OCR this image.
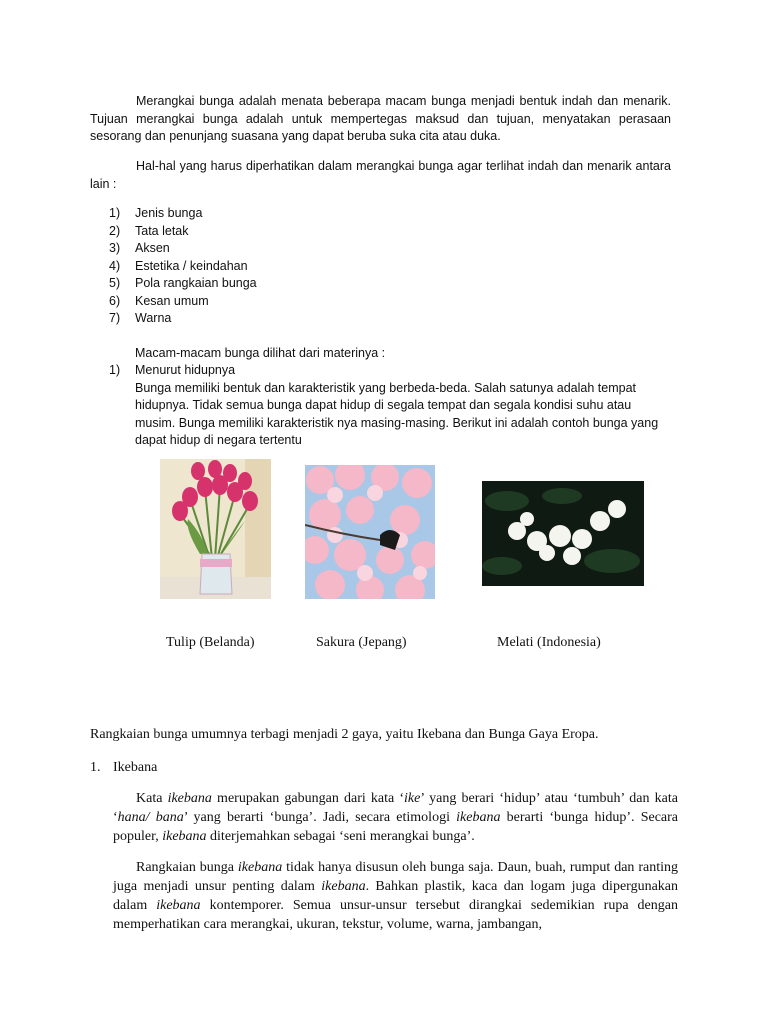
Merangkai bunga adalah menata beberapa macam bunga menjadi bentuk indah dan menarik. Tujuan merangkai bunga adalah untuk mempertegas maksud dan tujuan, menyatakan perasaan sesorang dan penunjang suasana yang dapat beruba suka cita atau duka.

Hal-hal yang harus diperhatikan dalam merangkai bunga agar terlihat indah dan menarik antara lain :

1) Jenis bunga
2) Tata letak
3) Aksen
4) Estetika / keindahan
5) Pola rangkaian bunga
6) Kesan umum
7) Warna

Macam-macam bunga dilihat dari materinya :

1) Menurut hidupnya

Bunga memiliki bentuk dan karakteristik yang berbeda-beda. Salah satunya adalah tempat hidupnya. Tidak semua bunga dapat hidup di segala tempat dan segala kondisi suhu atau musim. Bunga memiliki karakteristik nya masing-masing. Berikut ini adalah contoh bunga yang dapat hidup di negara tertentu

Tulip (Belanda)	Sakura (Jepang)	Melati (Indonesia)

Rangkaian bunga umumnya terbagi menjadi 2 gaya, yaitu Ikebana dan Bunga Gaya Eropa.

1. Ikebana

Kata ikebana merupakan gabungan dari kata ‘ike’ yang berari ‘hidup’ atau ‘tumbuh’ dan kata ‘hana/ bana’ yang berarti ‘bunga’. Jadi, secara etimologi ikebana berarti ‘bunga hidup’. Secara populer, ikebana diterjemahkan sebagai ‘seni merangkai bunga’.

Rangkaian bunga ikebana tidak hanya disusun oleh bunga saja. Daun, buah, rumput dan ranting juga menjadi unsur penting dalam ikebana. Bahkan plastik, kaca dan logam juga dipergunakan dalam ikebana kontemporer. Semua unsur-unsur tersebut dirangkai sedemikian rupa dengan memperhatikan cara merangkai, ukuran, tekstur, volume, warna, jambangan,
